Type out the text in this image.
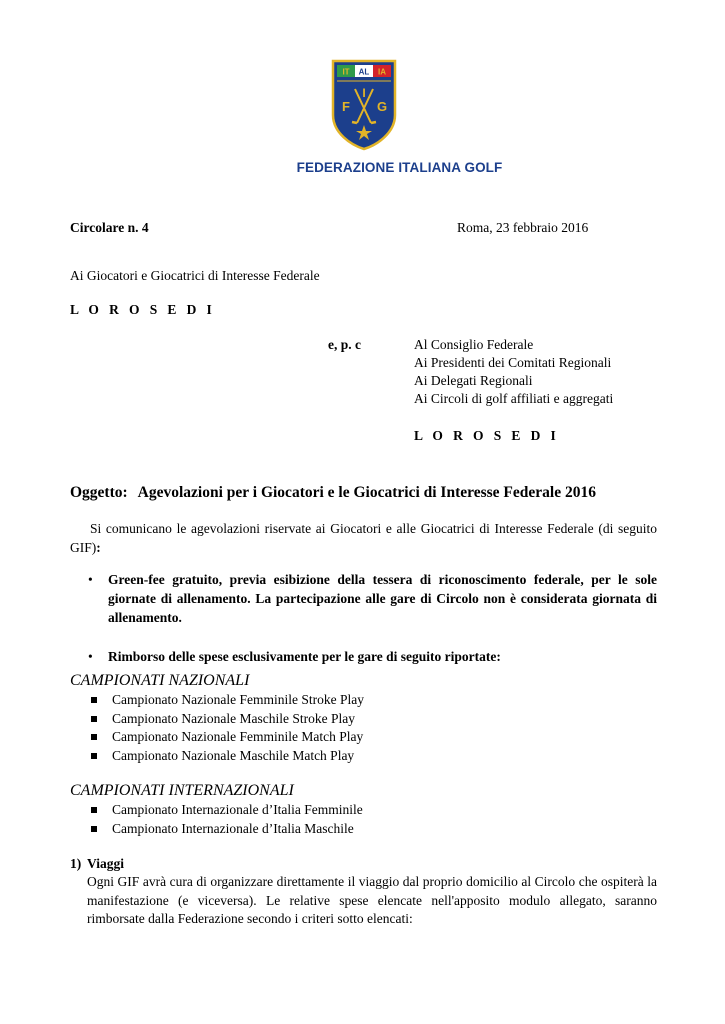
IT AL IA
I
F G
FEDERAZIONE ITALIANA GOLF
Circolare n. 4	Roma, 23 febbraio 2016
Ai Giocatori e Giocatrici di Interesse Federale
L O R O S E D I
e, p. c	Al Consiglio Federale
Ai Presidenti dei Comitati Regionali
Ai Delegati Regionali
Ai Circoli di golf affiliati e aggregati
L O R O S E D I
Oggetto: Agevolazioni per i Giocatori e le Giocatrici di Interesse Federale 2016
Si comunicano le agevolazioni riservate ai Giocatori e alle Giocatrici di Interesse Federale (di seguito GIF):
• Green-fee gratuito, previa esibizione della tessera di riconoscimento federale, per le sole giornate di allenamento. La partecipazione alle gare di Circolo non è considerata giornata di allenamento.
• Rimborso delle spese esclusivamente per le gare di seguito riportate:
CAMPIONATI NAZIONALI
Campionato Nazionale Femminile Stroke Play
Campionato Nazionale Maschile Stroke Play
Campionato Nazionale Femminile Match Play
Campionato Nazionale Maschile Match Play
CAMPIONATI INTERNAZIONALI
Campionato Internazionale d’Italia Femminile
Campionato Internazionale d’Italia Maschile
1) Viaggi
Ogni GIF avrà cura di organizzare direttamente il viaggio dal proprio domicilio al Circolo che ospiterà la manifestazione (e viceversa). Le relative spese elencate nell'apposito modulo allegato, saranno rimborsate dalla Federazione secondo i criteri sotto elencati:
